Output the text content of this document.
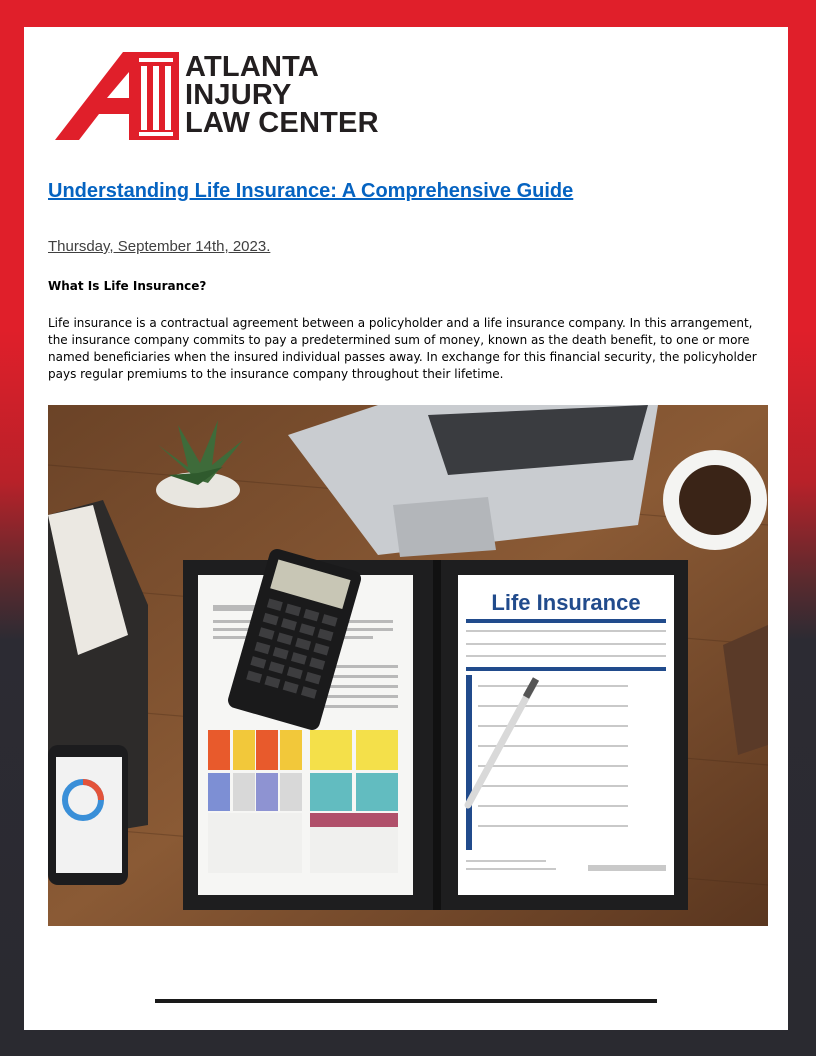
ATLANTA
INJURY
LAW CENTER
Understanding Life Insurance: A Comprehensive Guide
Thursday, September 14th, 2023.
What Is Life Insurance?

Life insurance is a contractual agreement between a policyholder and a life insurance company. In this arrangement, the insurance company commits to pay a predetermined sum of money, known as the death benefit, to one or more named beneficiaries when the insured individual passes away. In exchange for this financial security, the policyholder pays regular premiums to the insurance company throughout their lifetime.

Life Insurance
